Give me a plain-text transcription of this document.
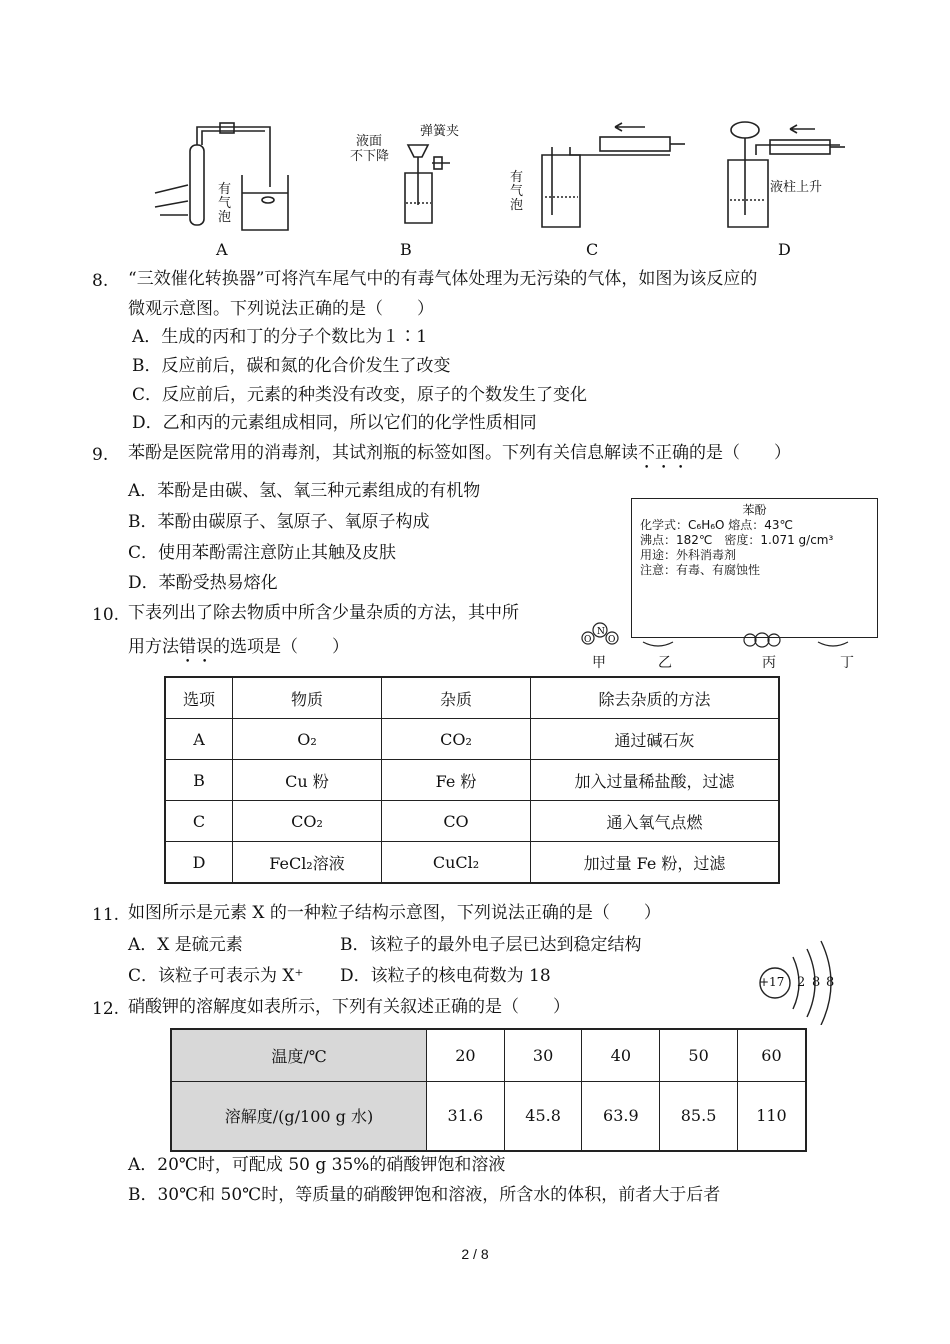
有气泡
液面不下降
弹簧夹
有气泡
液柱上升
A	B	C	D
8. “三效催化转换器”可将汽车尾气中的有毒气体处理为无污染的气体，如图为该反应的
微观示意图。下列说法正确的是（　　）
A．生成的丙和丁的分子个数比为１∶1
B．反应前后，碳和氮的化合价发生了改变
C．反应前后，元素的种类没有改变，原子的个数发生了变化
D．乙和丙的元素组成相同，所以它们的化学性质相同
9. 苯酚是医院常用的消毒剂，其试剂瓶的标签如图。下列有关信息解读不正确的是（　　）
A．苯酚是由碳、氢、氧三种元素组成的有机物
B．苯酚由碳原子、氢原子、氧原子构成
C．使用苯酚需注意防止其触及皮肤
D．苯酚受热易熔化
苯酚
化学式：C₆H₆O 熔点：43℃
沸点：182℃　密度：1.071 g/cm³
用途：外科消毒剂
注意：有毒、有腐蚀性
O
N
O
甲	乙	丙	丁
10. 下表列出了除去物质中所含少量杂质的方法，其中所
用方法错误的选项是（　　）
选项	物质	杂质	除去杂质的方法
A	O₂	CO₂	通过碱石灰
B	Cu 粉	Fe 粉	加入过量稀盐酸，过滤
C	CO₂	CO	通入氧气点燃
D	FeCl₂溶液	CuCl₂	加过量 Fe 粉，过滤
11. 如图所示是元素 X 的一种粒子结构示意图，下列说法正确的是（　　）
A．X 是硫元素	B．该粒子的最外电子层已达到稳定结构
C．该粒子可表示为 X⁺ D．该粒子的核电荷数为 18	+17 2 8 8
12. 硝酸钾的溶解度如表所示，下列有关叙述正确的是（　　）
温度/℃	20	30	40	50	60
溶解度/(g/100 g 水)	31.6	45.8	63.9	85.5	110
A．20℃时，可配成 50 g 35%的硝酸钾饱和溶液
B．30℃和 50℃时，等质量的硝酸钾饱和溶液，所含水的体积，前者大于后者
2 / 8
